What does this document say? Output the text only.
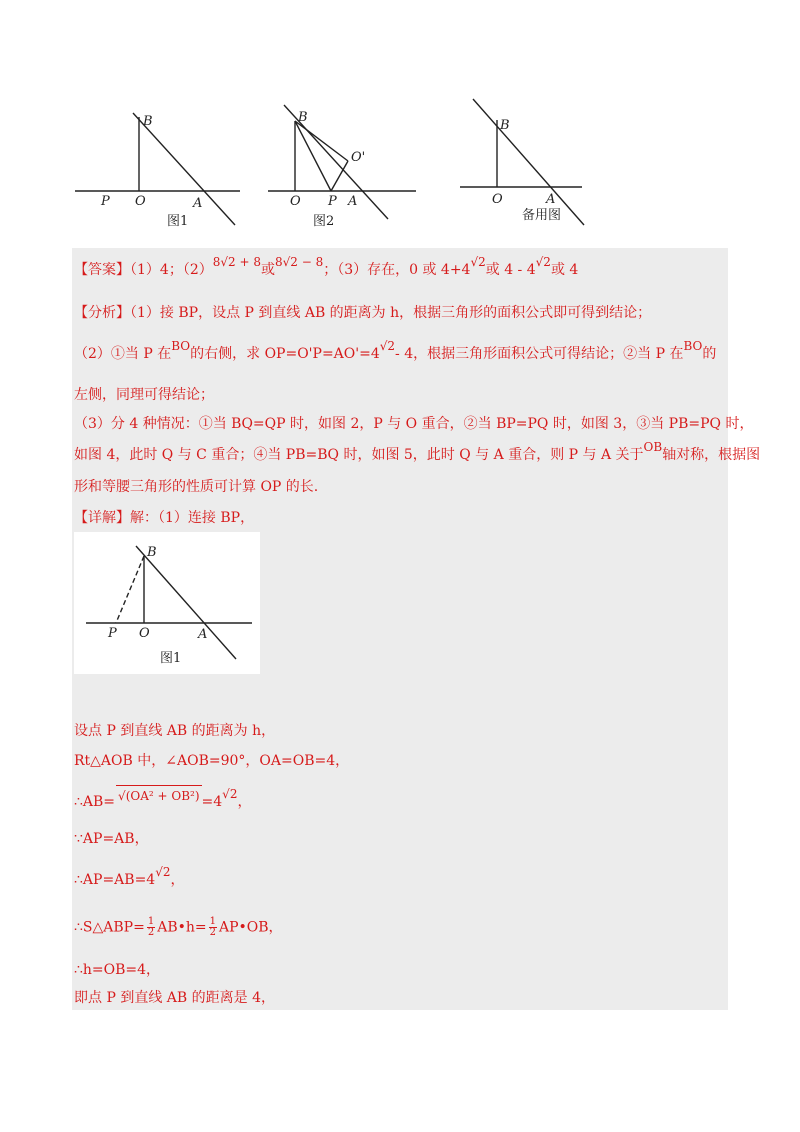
B
O
P	A
图1
B
O'
O P A
图2
B
O	A
备用图
【答案】（1）4；（2）8√2 + 8或8√2 − 8；（3）存在，0 或 4+4√2或 4 - 4√2或 4
【分析】（1）接 BP，设点 P 到直线 AB 的距离为 h，根据三角形的面积公式即可得到结论；
（2）①当 P 在BO的右侧，求 OP=O'P=AO'=4√2- 4，根据三角形面积公式可得结论；②当 P 在BO的
左侧，同理可得结论；
（3）分 4 种情况：①当 BQ=QP 时，如图 2，P 与 O 重合，②当 BP=PQ 时，如图 3，③当 PB=PQ 时，
如图 4，此时 Q 与 C 重合；④当 PB=BQ 时，如图 5，此时 Q 与 A 重合，则 P 与 A 关于OB轴对称，根据图
形和等腰三角形的性质可计算 OP 的长.
【详解】解：（1）连接 BP，
B
P O	A
图1
设点 P 到直线 AB 的距离为 h，
Rt△AOB 中，∠AOB=90°，OA=OB=4，
∴AB= √(OA² + OB²) =4√2，
∵AP=AB，
∴AP=AB=4√2，
∴S△ABP= $\frac{1}{2}$ AB•h= $\frac{1}{2}$ AP•OB，
∴h=OB=4，
即点 P 到直线 AB 的距离是 4，
